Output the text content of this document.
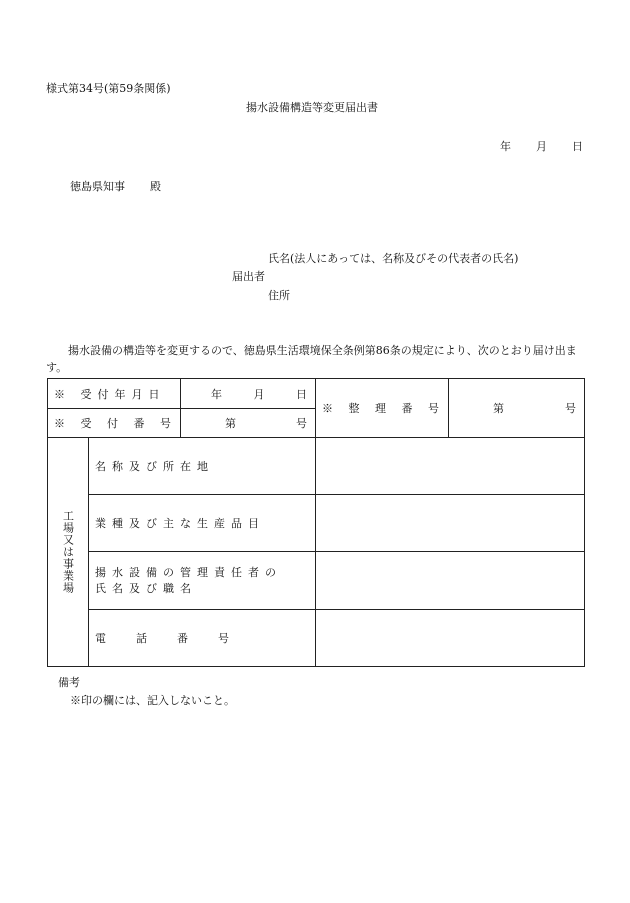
様式第34号(第59条関係)
揚水設備構造等変更届出書
年 月 日
徳島県知事 殿
氏名(法人にあっては、名称及びその代表者の氏名)
届出者
住所
揚水設備の構造等を変更するので、徳島県生活環境保全条例第86条の規定により、次のとおり届け出ます。
※ 受付年月日		年 月 日	※ 整 理 番 号	第 号

※ 受 付 番 号		第 号		

工場又は事業場	名称及び所在地			
	業種及び主な生産品目			
	揚水設備の管理責任者の氏名及び職名			
	電話番号			
備考
※印の欄には、記入しないこと。
